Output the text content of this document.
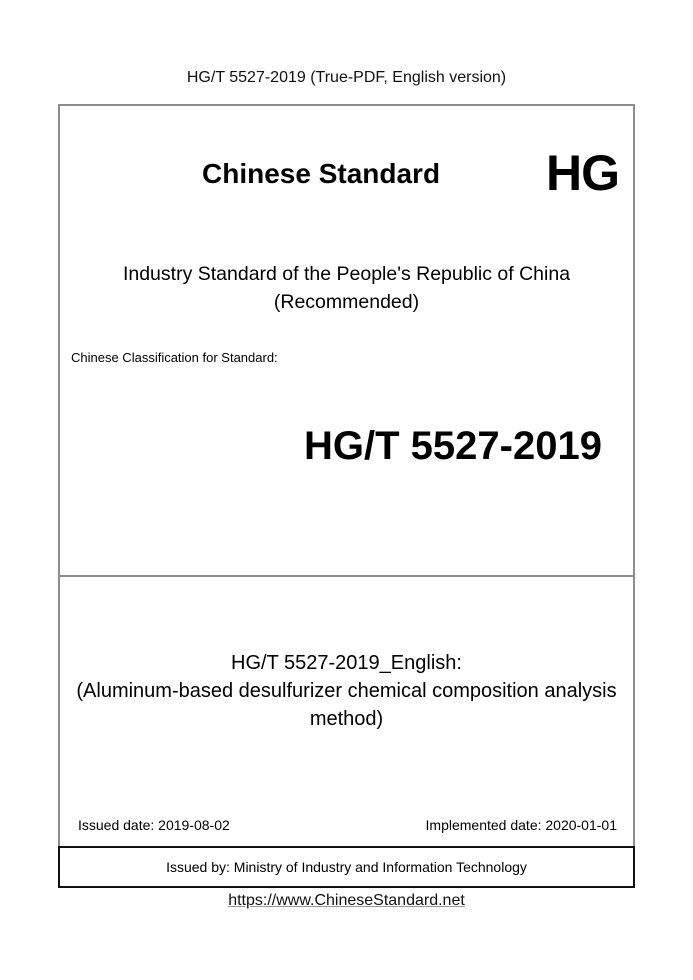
HG/T 5527-2019 (True-PDF, English version)
Chinese Standard HG
Industry Standard of the People's Republic of China
(Recommended)
Chinese Classification for Standard:
HG/T 5527-2019
HG/T 5527-2019_English:
(Aluminum-based desulfurizer chemical composition analysis
method)
Issued date: 2019-08-02	Implemented date: 2020-01-01
Issued by: Ministry of Industry and Information Technology
https://www.ChineseStandard.net
